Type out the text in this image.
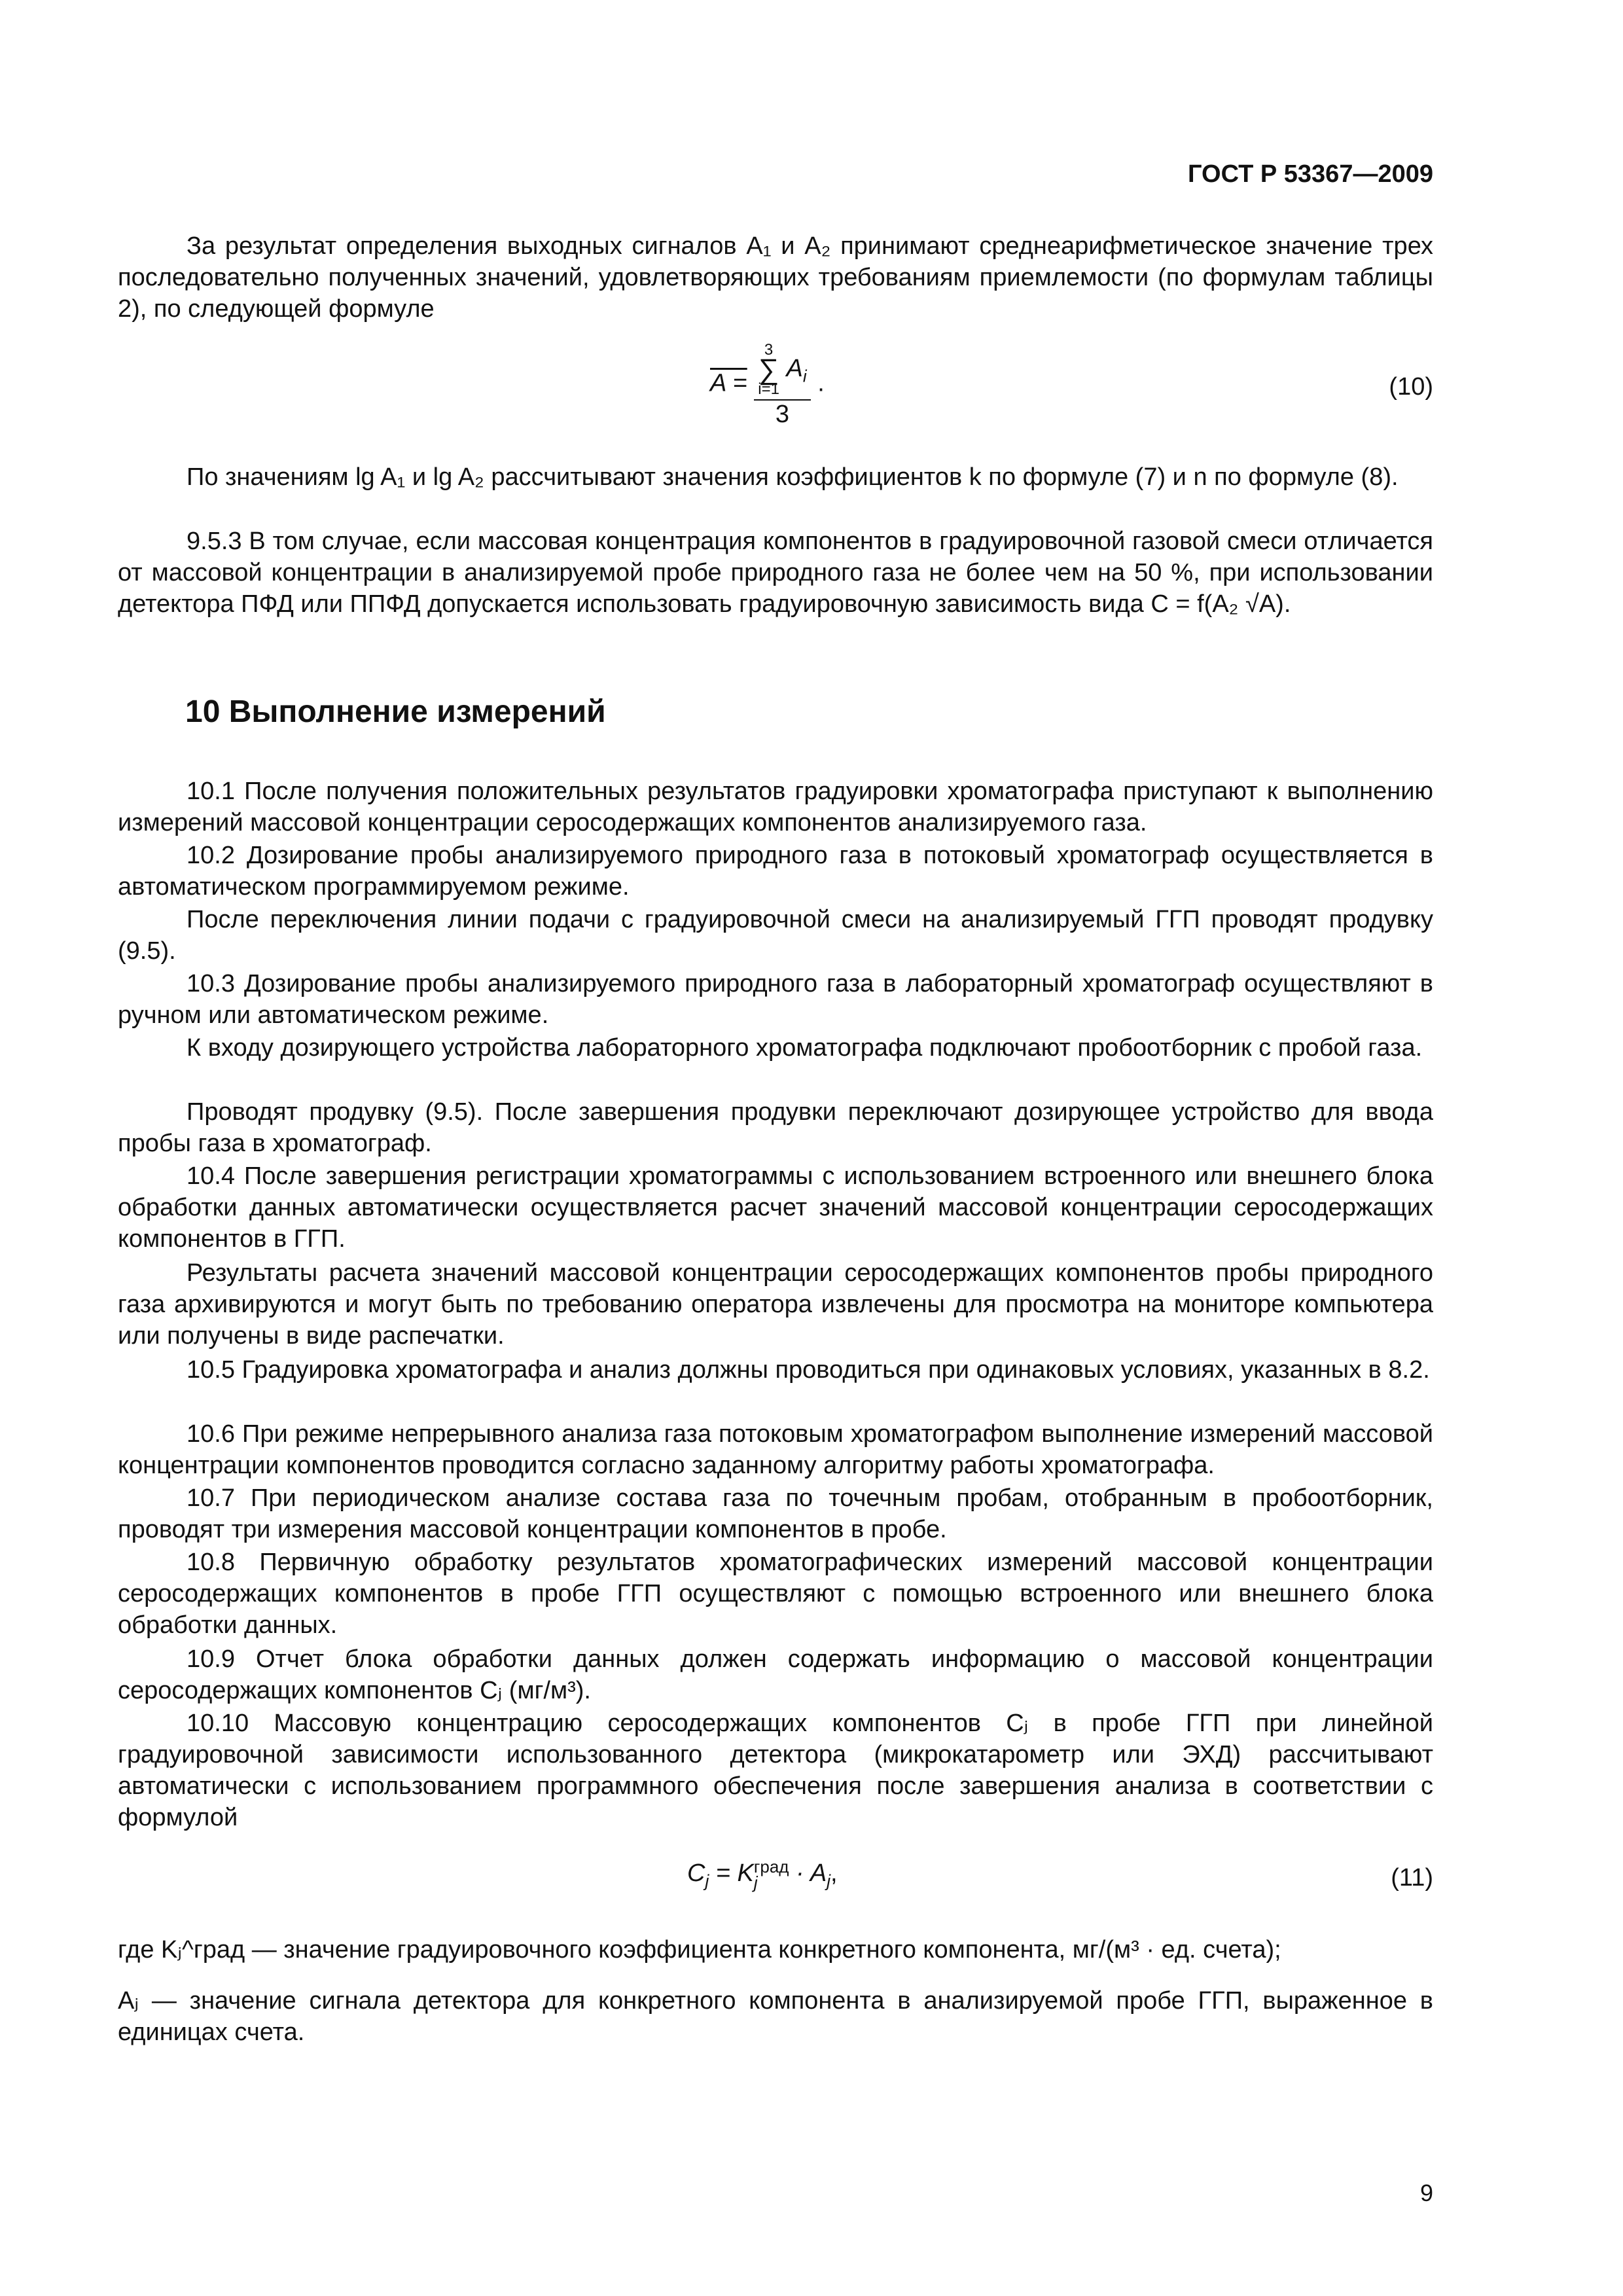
ГОСТ Р 53367—2009
За результат определения выходных сигналов A₁ и A₂ принимают среднеарифметическое значение трех последовательно полученных значений, удовлетворяющих требованиям приемлемости (по формулам таблицы 2), по следующей формуле
A = 3
∑
i=1
$A_i$
3 .	(10)
По значениям lg A₁ и lg A₂ рассчитывают значения коэффициентов k по формуле (7) и n по формуле (8).
9.5.3 В том случае, если массовая концентрация компонентов в градуировочной газовой смеси отличается от массовой концентрации в анализируемой пробе природного газа не более чем на 50 %, при использовании детектора ПФД или ППФД допускается использовать градуировочную зависимость вида C = f(A₂ √A).
10 Выполнение измерений
10.1 После получения положительных результатов градуировки хроматографа приступают к выполнению измерений массовой концентрации серосодержащих компонентов анализируемого газа.
10.2 Дозирование пробы анализируемого природного газа в потоковый хроматограф осуществляется в автоматическом программируемом режиме.
После переключения линии подачи с градуировочной смеси на анализируемый ГГП проводят продувку (9.5).
10.3 Дозирование пробы анализируемого природного газа в лабораторный хроматограф осуществляют в ручном или автоматическом режиме.
К входу дозирующего устройства лабораторного хроматографа подключают пробоотборник с пробой газа.
Проводят продувку (9.5). После завершения продувки переключают дозирующее устройство для ввода пробы газа в хроматограф.
10.4 После завершения регистрации хроматограммы с использованием встроенного или внешнего блока обработки данных автоматически осуществляется расчет значений массовой концентрации серосодержащих компонентов в ГГП.
Результаты расчета значений массовой концентрации серосодержащих компонентов пробы природного газа архивируются и могут быть по требованию оператора извлечены для просмотра на мониторе компьютера или получены в виде распечатки.
10.5 Градуировка хроматографа и анализ должны проводиться при одинаковых условиях, указанных в 8.2.
10.6 При режиме непрерывного анализа газа потоковым хроматографом выполнение измерений массовой концентрации компонентов проводится согласно заданному алгоритму работы хроматографа.
10.7 При периодическом анализе состава газа по точечным пробам, отобранным в пробоотборник, проводят три измерения массовой концентрации компонентов в пробе.
10.8 Первичную обработку результатов хроматографических измерений массовой концентрации серосодержащих компонентов в пробе ГГП осуществляют с помощью встроенного или внешнего блока обработки данных.
10.9 Отчет блока обработки данных должен содержать информацию о массовой концентрации серосодержащих компонентов Cⱼ (мг/м³).
10.10 Массовую концентрацию серосодержащих компонентов Cⱼ в пробе ГГП при линейной градуировочной зависимости использованного детектора (микрокатарометр или ЭХД) рассчитывают автоматически с использованием программного обеспечения после завершения анализа в соответствии с формулой
$C_j = K$ град
j	· $A_j$,	(11)
где Kⱼ^град — значение градуировочного коэффициента конкретного компонента, мг/(м³ · ед. счета);
Aⱼ — значение сигнала детектора для конкретного компонента в анализируемой пробе ГГП, выраженное в единицах счета.
9
